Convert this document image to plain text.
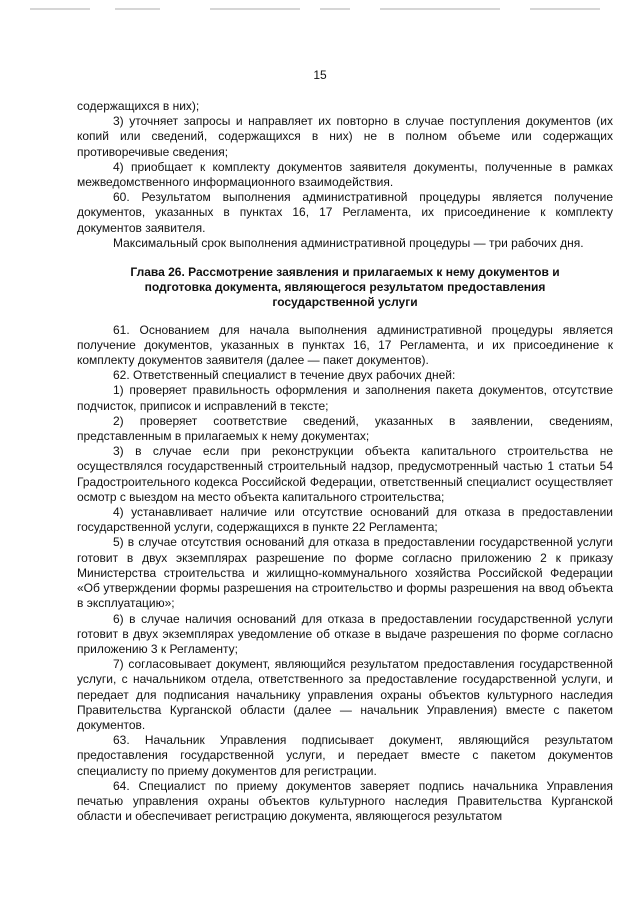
15

содержащихся в них);

3) уточняет запросы и направляет их повторно в случае поступления документов (их копий или сведений, содержащихся в них) не в полном объеме или содержащих противоречивые сведения;

4) приобщает к комплекту документов заявителя документы, полученные в рамках межведомственного информационного взаимодействия.

60. Результатом выполнения административной процедуры является получение документов, указанных в пунктах 16, 17 Регламента, их присоединение к комплекту документов заявителя.

Максимальный срок выполнения административной процедуры — три рабочих дня.

Глава 26. Рассмотрение заявления и прилагаемых к нему документов и подготовка документа, являющегося результатом предоставления государственной услуги

61. Основанием для начала выполнения административной процедуры является получение документов, указанных в пунктах 16, 17 Регламента, и их присоединение к комплекту документов заявителя (далее — пакет документов).

62. Ответственный специалист в течение двух рабочих дней:

1) проверяет правильность оформления и заполнения пакета документов, отсутствие подчисток, приписок и исправлений в тексте;

2) проверяет соответствие сведений, указанных в заявлении, сведениям, представленным в прилагаемых к нему документах;

3) в случае если при реконструкции объекта капитального строительства не осуществлялся государственный строительный надзор, предусмотренный частью 1 статьи 54 Градостроительного кодекса Российской Федерации, ответственный специалист осуществляет осмотр с выездом на место объекта капитального строительства;

4) устанавливает наличие или отсутствие оснований для отказа в предоставлении государственной услуги, содержащихся в пункте 22 Регламента;

5) в случае отсутствия оснований для отказа в предоставлении государственной услуги готовит в двух экземплярах разрешение по форме согласно приложению 2 к приказу Министерства строительства и жилищно-коммунального хозяйства Российской Федерации «Об утверждении формы разрешения на строительство и формы разрешения на ввод объекта в эксплуатацию»;

6) в случае наличия оснований для отказа в предоставлении государственной услуги готовит в двух экземплярах уведомление об отказе в выдаче разрешения по форме согласно приложению 3 к Регламенту;

7) согласовывает документ, являющийся результатом предоставления государственной услуги, с начальником отдела, ответственного за предоставление государственной услуги, и передает для подписания начальнику управления охраны объектов культурного наследия Правительства Курганской области (далее — начальник Управления) вместе с пакетом документов.

63. Начальник Управления подписывает документ, являющийся результатом предоставления государственной услуги, и передает вместе с пакетом документов специалисту по приему документов для регистрации.

64. Специалист по приему документов заверяет подпись начальника Управления печатью управления охраны объектов культурного наследия Правительства Курганской области и обеспечивает регистрацию документа, являющегося результатом
